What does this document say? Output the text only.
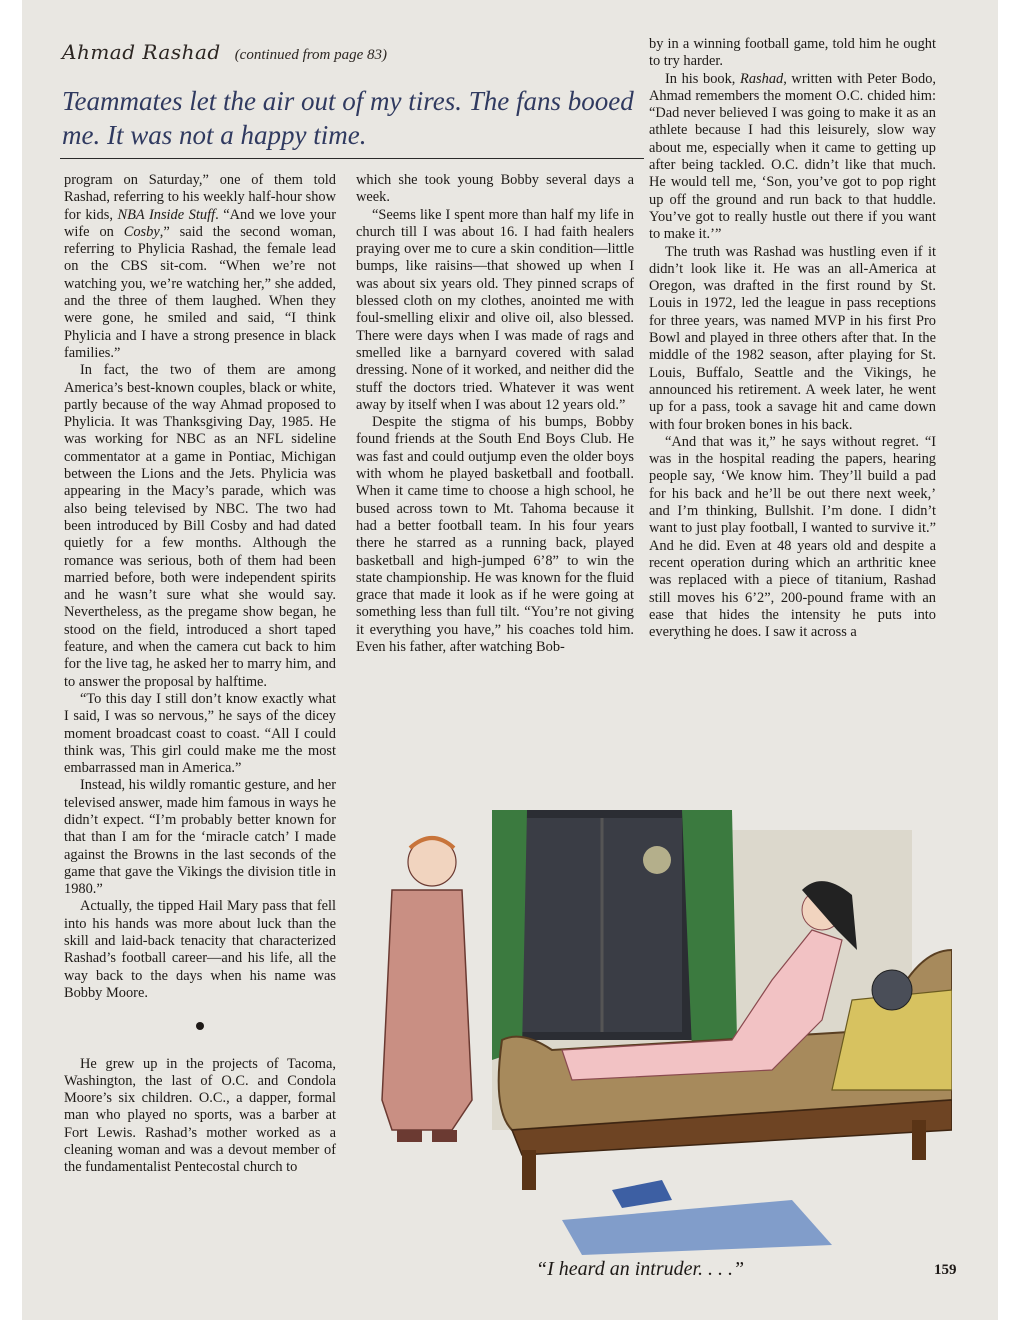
Ahmad Rashad (continued from page 83)
Teammates let the air out of my tires. The fans booed me. It was not a happy time.

program on Saturday,” one of them told Rashad, referring to his weekly half-hour show for kids, NBA Inside Stuff. “And we love your wife on Cosby,” said the second woman, referring to Phylicia Rashad, the female lead on the CBS sit-com. “When we’re not watching you, we’re watching her,” she added, and the three of them laughed. When they were gone, he smiled and said, “I think Phylicia and I have a strong presence in black families.”

In fact, the two of them are among America’s best-known couples, black or white, partly because of the way Ahmad proposed to Phylicia. It was Thanksgiving Day, 1985. He was working for NBC as an NFL sideline commentator at a game in Pontiac, Michigan between the Lions and the Jets. Phylicia was appearing in the Macy’s parade, which was also being televised by NBC. The two had been introduced by Bill Cosby and had dated quietly for a few months. Although the romance was serious, both of them had been married before, both were independent spirits and he wasn’t sure what she would say. Nevertheless, as the pregame show began, he stood on the field, introduced a short taped feature, and when the camera cut back to him for the live tag, he asked her to marry him, and to answer the proposal by halftime.

“To this day I still don’t know exactly what I said, I was so nervous,” he says of the dicey moment broadcast coast to coast. “All I could think was, This girl could make me the most embarrassed man in America.”

Instead, his wildly romantic gesture, and her televised answer, made him famous in ways he didn’t expect. “I’m probably better known for that than I am for the ‘miracle catch’ I made against the Browns in the last seconds of the game that gave the Vikings the division title in 1980.”

Actually, the tipped Hail Mary pass that fell into his hands was more about luck than the skill and laid-back tenacity that characterized Rashad’s football career—and his life, all the way back to the days when his name was Bobby Moore.

He grew up in the projects of Tacoma, Washington, the last of O.C. and Condola Moore’s six children. O.C., a dapper, formal man who played no sports, was a barber at Fort Lewis. Rashad’s mother worked as a cleaning woman and was a devout member of the fundamentalist Pentecostal church to

which she took young Bobby several days a week.

“Seems like I spent more than half my life in church till I was about 16. I had faith healers praying over me to cure a skin condition—little bumps, like raisins—that showed up when I was about six years old. They pinned scraps of blessed cloth on my clothes, anointed me with foul-smelling elixir and olive oil, also blessed. There were days when I was made of rags and smelled like a barnyard covered with salad dressing. None of it worked, and neither did the stuff the doctors tried. Whatever it was went away by itself when I was about 12 years old.”

Despite the stigma of his bumps, Bobby found friends at the South End Boys Club. He was fast and could outjump even the older boys with whom he played basketball and football. When it came time to choose a high school, he bused across town to Mt. Tahoma because it had a better football team. In his four years there he starred as a running back, played basketball and high-jumped 6’8” to win the state championship. He was known for the fluid grace that made it look as if he were going at something less than full tilt. “You’re not giving it everything you have,” his coaches told him. Even his father, after watching Bob-

by in a winning football game, told him he ought to try harder.

In his book, Rashad, written with Peter Bodo, Ahmad remembers the moment O.C. chided him: “Dad never believed I was going to make it as an athlete because I had this leisurely, slow way about me, especially when it came to getting up after being tackled. O.C. didn’t like that much. He would tell me, ‘Son, you’ve got to pop right up off the ground and run back to that huddle. You’ve got to really hustle out there if you want to make it.’”

The truth was Rashad was hustling even if it didn’t look like it. He was an all-America at Oregon, was drafted in the first round by St. Louis in 1972, led the league in pass receptions for three years, was named MVP in his first Pro Bowl and played in three others after that. In the middle of the 1982 season, after playing for St. Louis, Buffalo, Seattle and the Vikings, he announced his retirement. A week later, he went up for a pass, took a savage hit and came down with four broken bones in his back.

“And that was it,” he says without regret. “I was in the hospital reading the papers, hearing people say, ‘We know him. They’ll build a pad for his back and he’ll be out there next week,’ and I’m thinking, Bullshit. I’m done. I didn’t want to just play football, I wanted to survive it.” And he did. Even at 48 years old and despite a recent operation during which an arthritic knee was replaced with a piece of titanium, Rashad still moves his 6’2”, 200-pound frame with an ease that hides the intensity he puts into everything he does. I saw it across a

“I heard an intruder. . . .”	159
